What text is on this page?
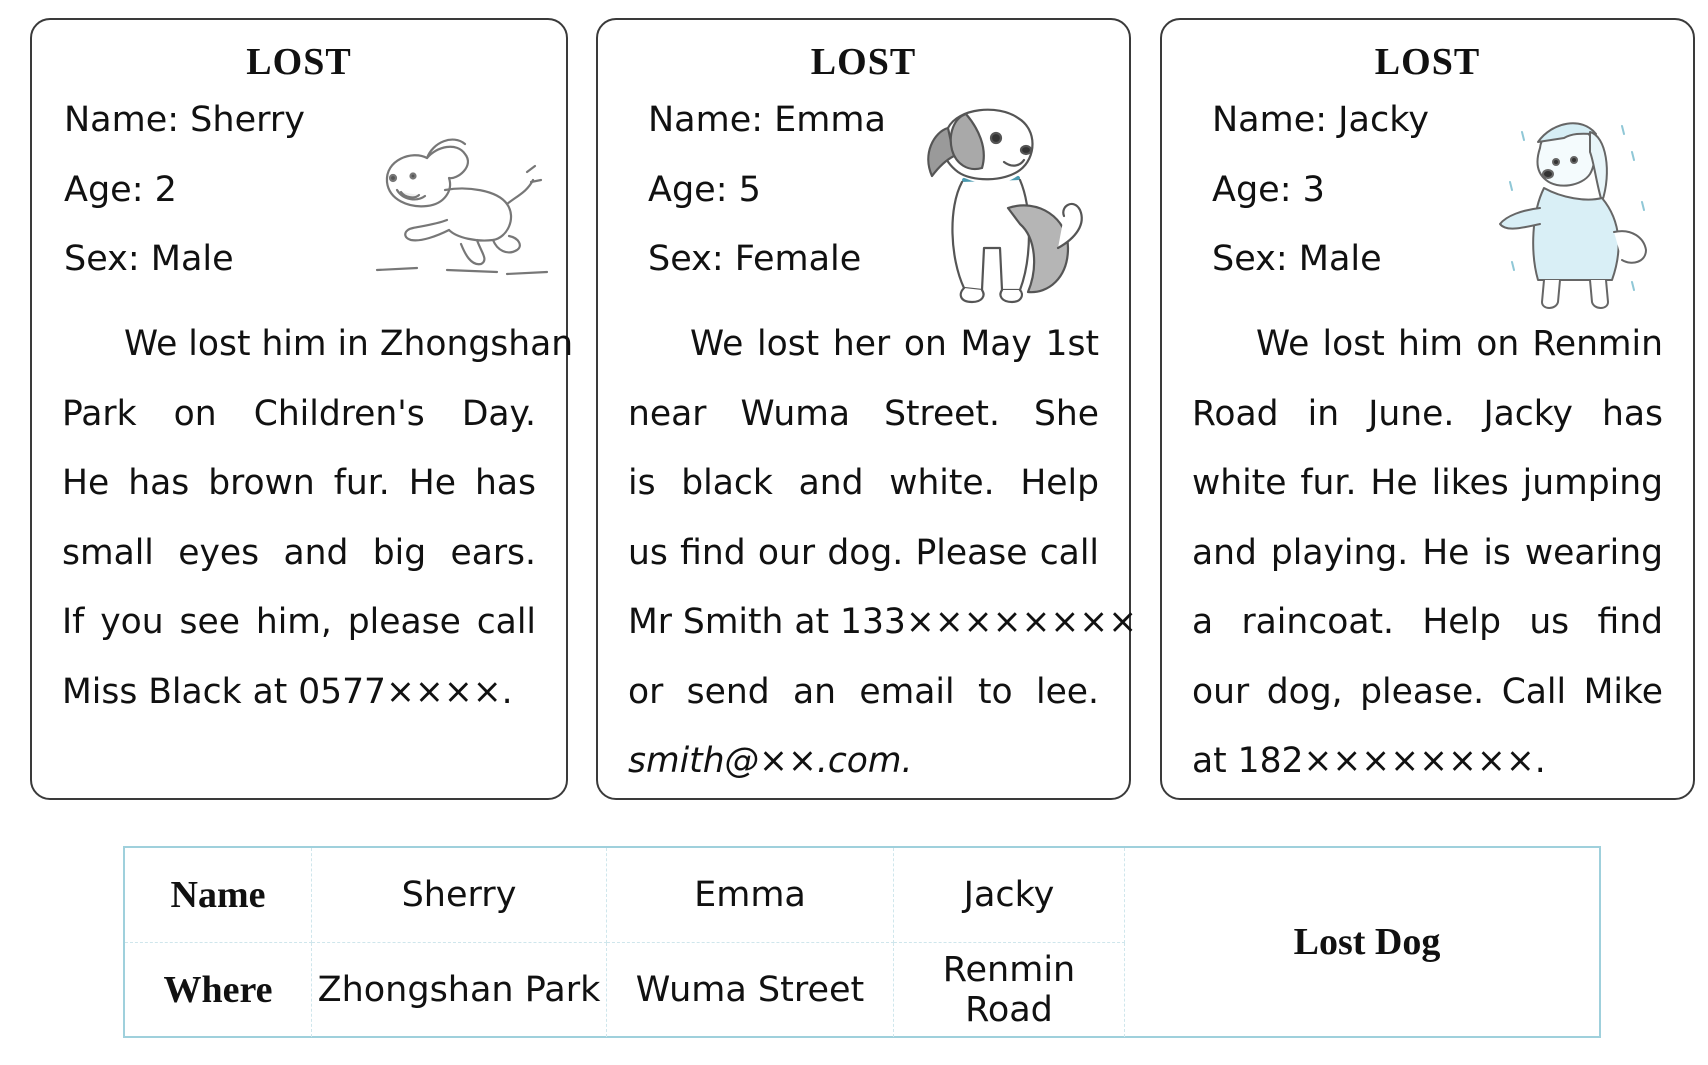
LOST
Name: Sherry
Age: 2
Sex: Male
We lost him in Zhongshan
Park on Children's Day.
He has brown fur. He has
small eyes and big ears.
If you see him, please call
Miss Black at 0577××××.
LOST
Name: Emma
Age: 5
Sex: Female
We lost her on May 1st
near Wuma Street. She
is black and white. Help
us find our dog. Please call
Mr Smith at 133××××××××
or send an email to lee.
smith@××.com.
LOST
Name: Jacky
Age: 3
Sex: Male
We lost him on Renmin
Road in June. Jacky has
white fur. He likes jumping
and playing. He is wearing
a raincoat. Help us find
our dog, please. Call Mike
at 182××××××××.
Name	Sherry	Emma	Jacky
Where	Zhongshan Park	Wuma Street	Renmin Road
Lost Dog
